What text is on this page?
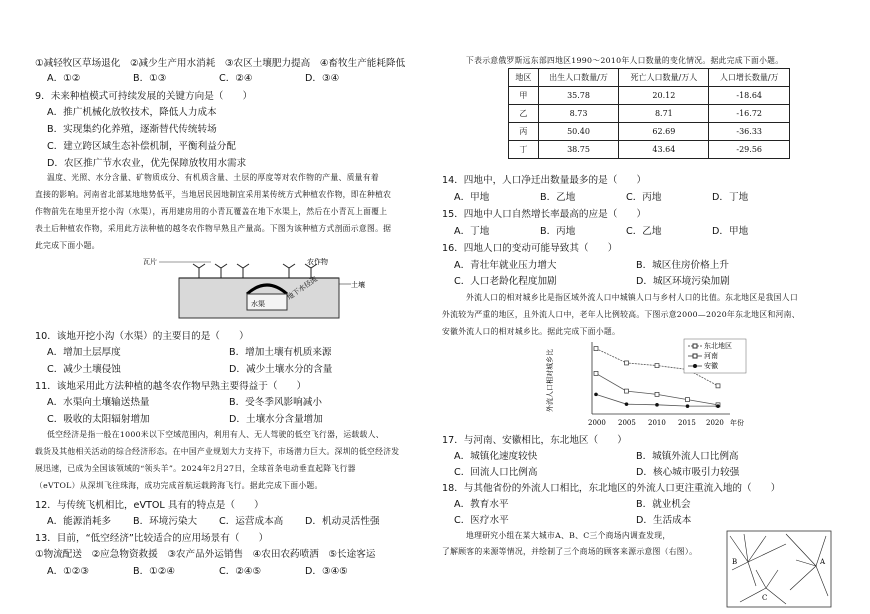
①减轻牧区草场退化　②减少生产用水消耗　③农区土壤肥力提高　④畜牧生产能耗降低
A．①②	B．①③	C．②④	D．③④
9．未来种植模式可持续发展的关键方向是（　　）
A．推广机械化放牧技术，降低人力成本
B．实现集约化养殖，逐渐替代传统转场
C．建立跨区域生态补偿机制，平衡利益分配
D．农区推广节水农业，优先保障放牧用水需求
温度、光照、水分含量、矿物质成分、有机质含量、土层的厚度等对农作物的产量、质量有着
直接的影响。河南省北部某地地势低平，当地居民因地制宜采用某传统方式种植农作物，即在种植农
作物前先在地里开挖小沟（水渠），再用建房用的小青瓦覆盖在地下水渠上，然后在小青瓦上面覆上
表土后种植农作物，采用此方法种植的越冬农作物早熟且产量高。下图为该种植方式剖面示意图。据
此完成下面小题。
水渠
地下水径流
瓦片	农作物
土壤
10．该地开挖小沟（水渠）的主要目的是（　　）
A．增加土层厚度	B．增加土壤有机质来源
C．减少土壤侵蚀	D．减少土壤水分的含量
11．该地采用此方法种植的越冬农作物早熟主要得益于（　　）
A．水渠向土壤输送热量	B．受冬季风影响减小
C．吸收的太阳辐射增加	D．土壤水分含量增加
低空经济是指一般在1000米以下空域范围内，利用有人、无人驾驶的低空飞行器，运载载人、
载货及其他相关活动的综合经济形态。在中国产业规划大力支持下，市场潜力巨大。深圳的低空经济发
展迅速，已成为全国该领域的“领头羊”。2024年2月27日，全球首条电动垂直起降飞行器
（eVTOL）从深圳飞往珠海，成功完成首航运载跨海飞行。据此完成下面小题。
12．与传统飞机相比，eVTOL 具有的特点是（　　）
A．能源消耗多 B．环境污染大 C．运营成本高 D．机动灵活性强
13．目前，“低空经济”比较适合的应用场景有（　　）
①物流配送　②应急物资救援　③农产品外运销售　④农田农药喷洒　⑤长途客运
A．①②③	B．①②④	C．②④⑤	D．③④⑤
下表示意俄罗斯远东部四地区1990～2010年人口数量的变化情况。据此完成下面小题。
地区	出生人口数量/万	死亡人口数量/万人	人口增长数量/万
甲	35.78	20.12	-18.64
乙	8.73	8.71	-16.72
丙	50.40	62.69	-36.33
丁	38.75	43.64	-29.56
14．四地中，人口净迁出数量最多的是（　　）
A．甲地	B．乙地	C．丙地	D．丁地
15．四地中人口自然增长率最高的应是（　　）
A．丁地	B．丙地	C．乙地	D．甲地
16．四地人口的变动可能导致其（　　）
A．青壮年就业压力增大	B．城区住房价格上升
C．人口老龄化程度加剧	D．城区环境污染加剧
外流人口的相对城乡比是指区域外流人口中城镇人口与乡村人口的比值。东北地区是我国人口
外流较为严重的地区，且外流人口中，老年人比例较高。下图示意2000—2020年东北地区和河南、
安徽外流人口的相对城乡比。据此完成下面小题。
外流人口相对城乡比
2000 2005 2010 2015 2020 年份
东北地区
河南
安徽
17．与河南、安徽相比，东北地区（　　）
A．城镇化速度较快	B．城镇外流人口比例高
C．回流人口比例高	D．核心城市吸引力较强
18．与其他省份的外流人口相比，东北地区的外流人口更注重流入地的（　　）
A．教育水平	B．就业机会
C．医疗水平	D．生活成本
地理研究小组在某大城市A、B、C三个商场内调查发现，
了解顾客的来源等情况，并绘制了三个商场的顾客来源示意图（右图）。
A
B
C
